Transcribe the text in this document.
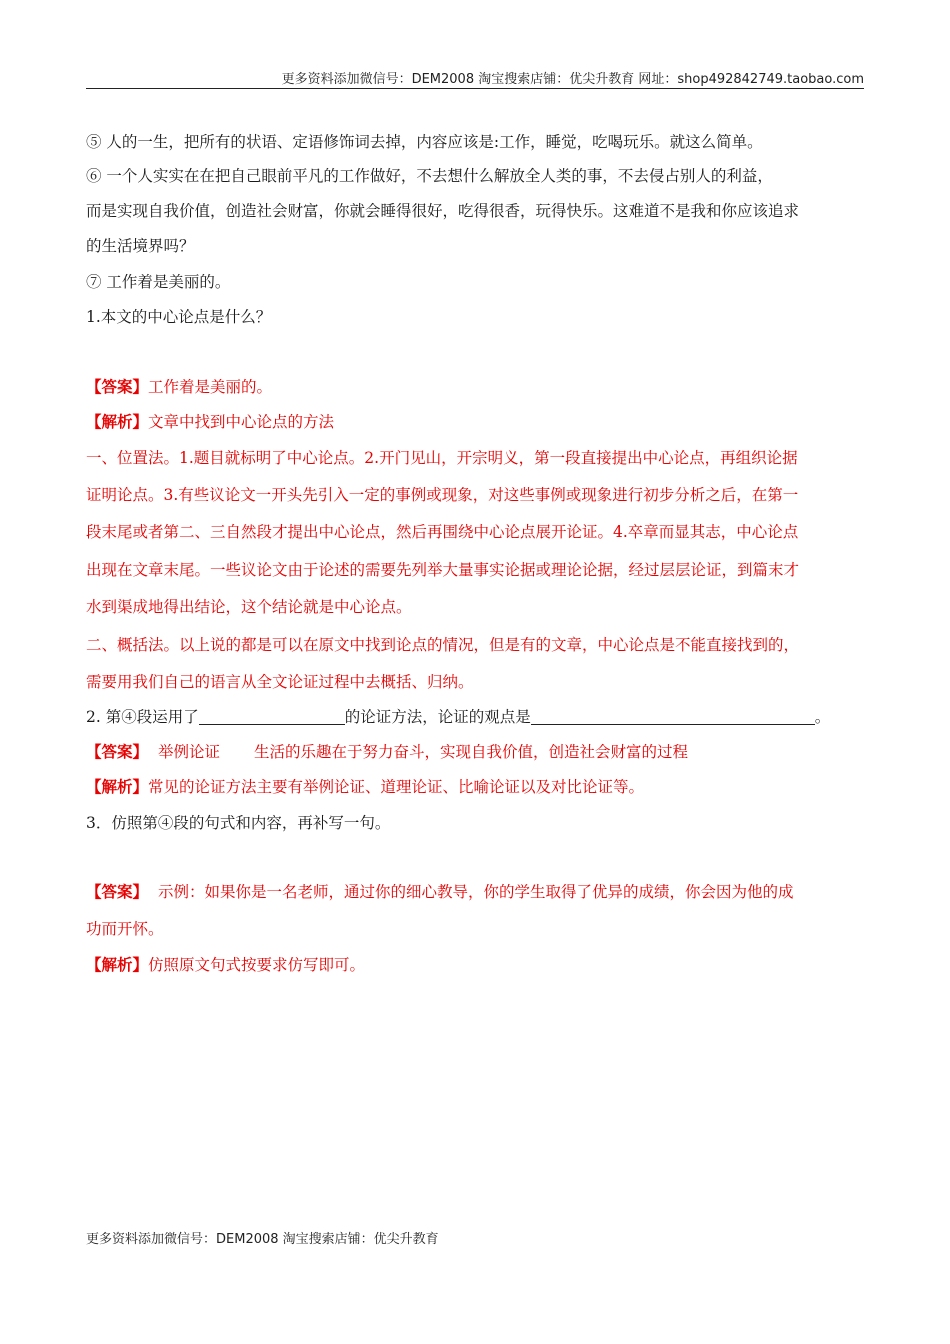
更多资料添加微信号：DEM2008 淘宝搜索店铺：优尖升教育 网址：shop492842749.taobao.com
⑤ 人的一生，把所有的状语、定语修饰词去掉，内容应该是:工作，睡觉，吃喝玩乐。就这么简单。
⑥ 一个人实实在在把自己眼前平凡的工作做好，不去想什么解放全人类的事，不去侵占别人的利益，
而是实现自我价值，创造社会财富，你就会睡得很好，吃得很香，玩得快乐。这难道不是我和你应该追求
的生活境界吗？
⑦ 工作着是美丽的。
1.本文的中心论点是什么？
【答案】工作着是美丽的。
【解析】文章中找到中心论点的方法
一、位置法。1.题目就标明了中心论点。2.开门见山，开宗明义，第一段直接提出中心论点，再组织论据
证明论点。3.有些议论文一开头先引入一定的事例或现象，对这些事例或现象进行初步分析之后，在第一
段末尾或者第二、三自然段才提出中心论点，然后再围绕中心论点展开论证。4.卒章而显其志，中心论点
出现在文章末尾。一些议论文由于论述的需要先列举大量事实论据或理论论据，经过层层论证，到篇末才
水到渠成地得出结论，这个结论就是中心论点。
二、概括法。以上说的都是可以在原文中找到论点的情况，但是有的文章，中心论点是不能直接找到的，
需要用我们自己的语言从全文论证过程中去概括、归纳。
2. 第④段运用了	的论证方法，论证的观点是	。
【答案】 举例论证 生活的乐趣在于努力奋斗，实现自我价值，创造社会财富的过程
【解析】常见的论证方法主要有举例论证、道理论证、比喻论证以及对比论证等。
3．仿照第④段的句式和内容，再补写一句。
【答案】 示例：如果你是一名老师，通过你的细心教导，你的学生取得了优异的成绩，你会因为他的成
功而开怀。
【解析】仿照原文句式按要求仿写即可。
更多资料添加微信号：DEM2008 淘宝搜索店铺：优尖升教育
